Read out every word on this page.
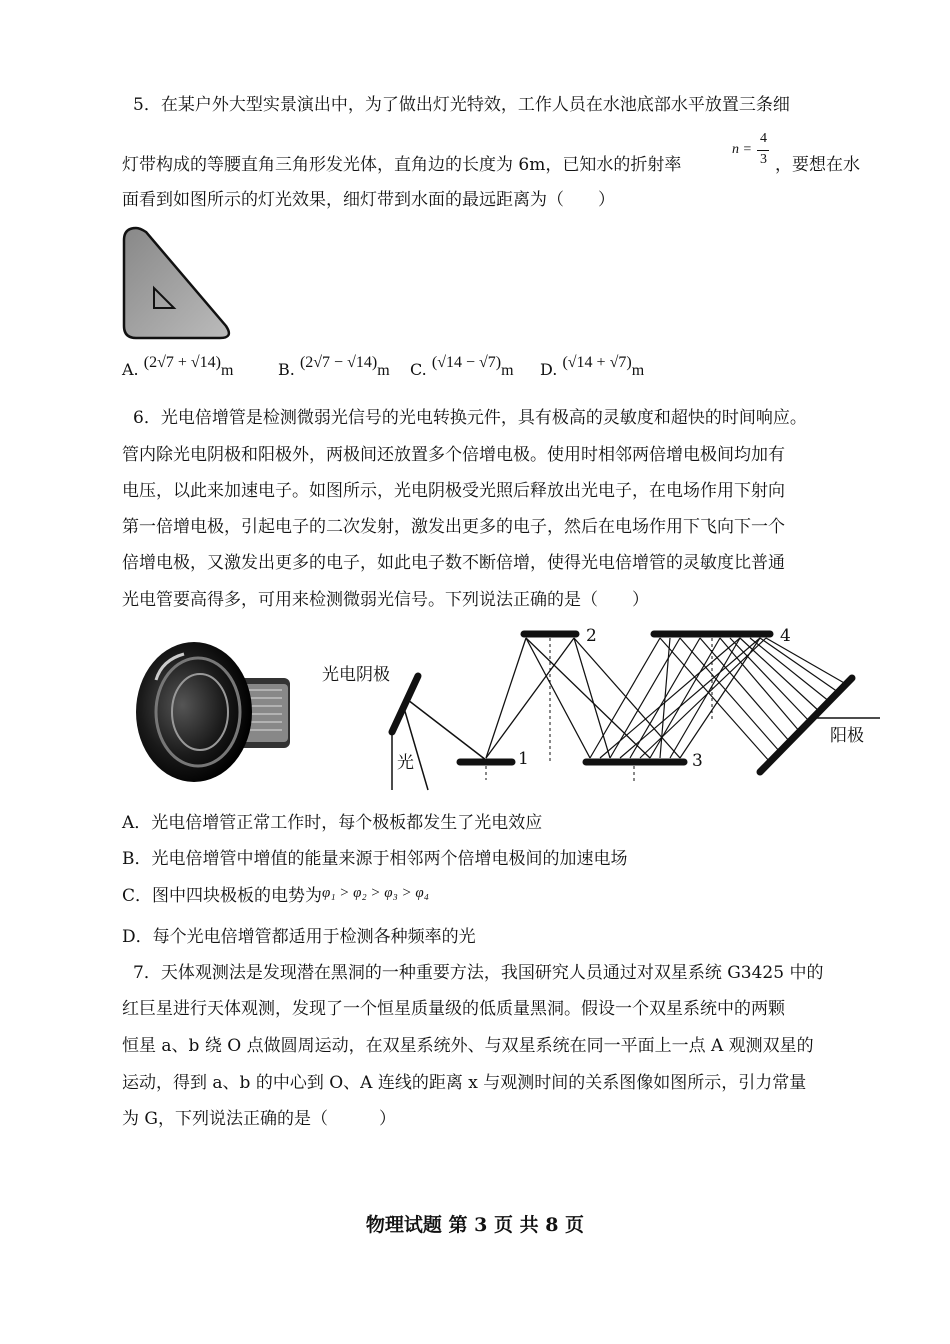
5．在某户外大型实景演出中，为了做出灯光特效，工作人员在水池底部水平放置三条细
灯带构成的等腰直角三角形发光体，直角边的长度为 6m，已知水的折射率
n =
4
3 ，要想在水
面看到如图所示的灯光效果，细灯带到水面的最远距离为（　　）
A. (2√7 + √14)m	B. (2√7 − √14)m C. (√14 − √7)m D. (√14 + √7)m
6．光电倍增管是检测微弱光信号的光电转换元件，具有极高的灵敏度和超快的时间响应。
管内除光电阴极和阳极外，两极间还放置多个倍增电极。使用时相邻两倍增电极间均加有
电压，以此来加速电子。如图所示，光电阴极受光照后释放出光电子，在电场作用下射向
第一倍增电极，引起电子的二次发射，激发出更多的电子，然后在电场作用下飞向下一个
倍增电极，又激发出更多的电子，如此电子数不断倍增，使得光电倍增管的灵敏度比普通
光电管要高得多，可用来检测微弱光信号。下列说法正确的是（　　）
光电阴极
光
阳极
1
2
3
4
A．光电倍增管正常工作时，每个极板都发生了光电效应
B．光电倍增管中增值的能量来源于相邻两个倍增电极间的加速电场
C．图中四块极板的电势为φ₁ > φ₂ > φ₃ > φ₄
D．每个光电倍增管都适用于检测各种频率的光
7．天体观测法是发现潜在黑洞的一种重要方法，我国研究人员通过对双星系统 G3425 中的
红巨星进行天体观测，发现了一个恒星质量级的低质量黑洞。假设一个双星系统中的两颗
恒星 a、b 绕 O 点做圆周运动，在双星系统外、与双星系统在同一平面上一点 A 观测双星的
运动，得到 a、b 的中心到 O、A 连线的距离 x 与观测时间的关系图像如图所示，引力常量
为 G，下列说法正确的是（　　　）
物理试题 第 3 页 共 8 页
